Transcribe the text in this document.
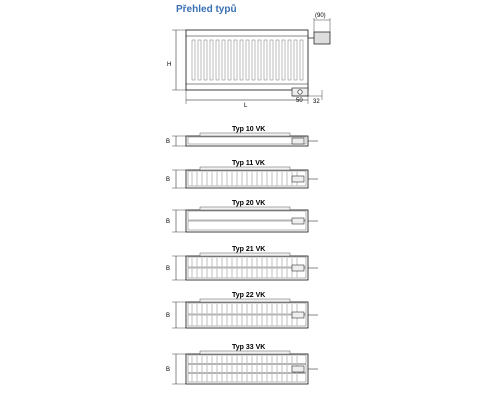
Přehled typů
H
L
50 32
(90)
B
B
B
B
B
B
Typ 10 VK
Typ 11 VK
Typ 20 VK
Typ 21 VK
Typ 22 VK
Typ 33 VK
